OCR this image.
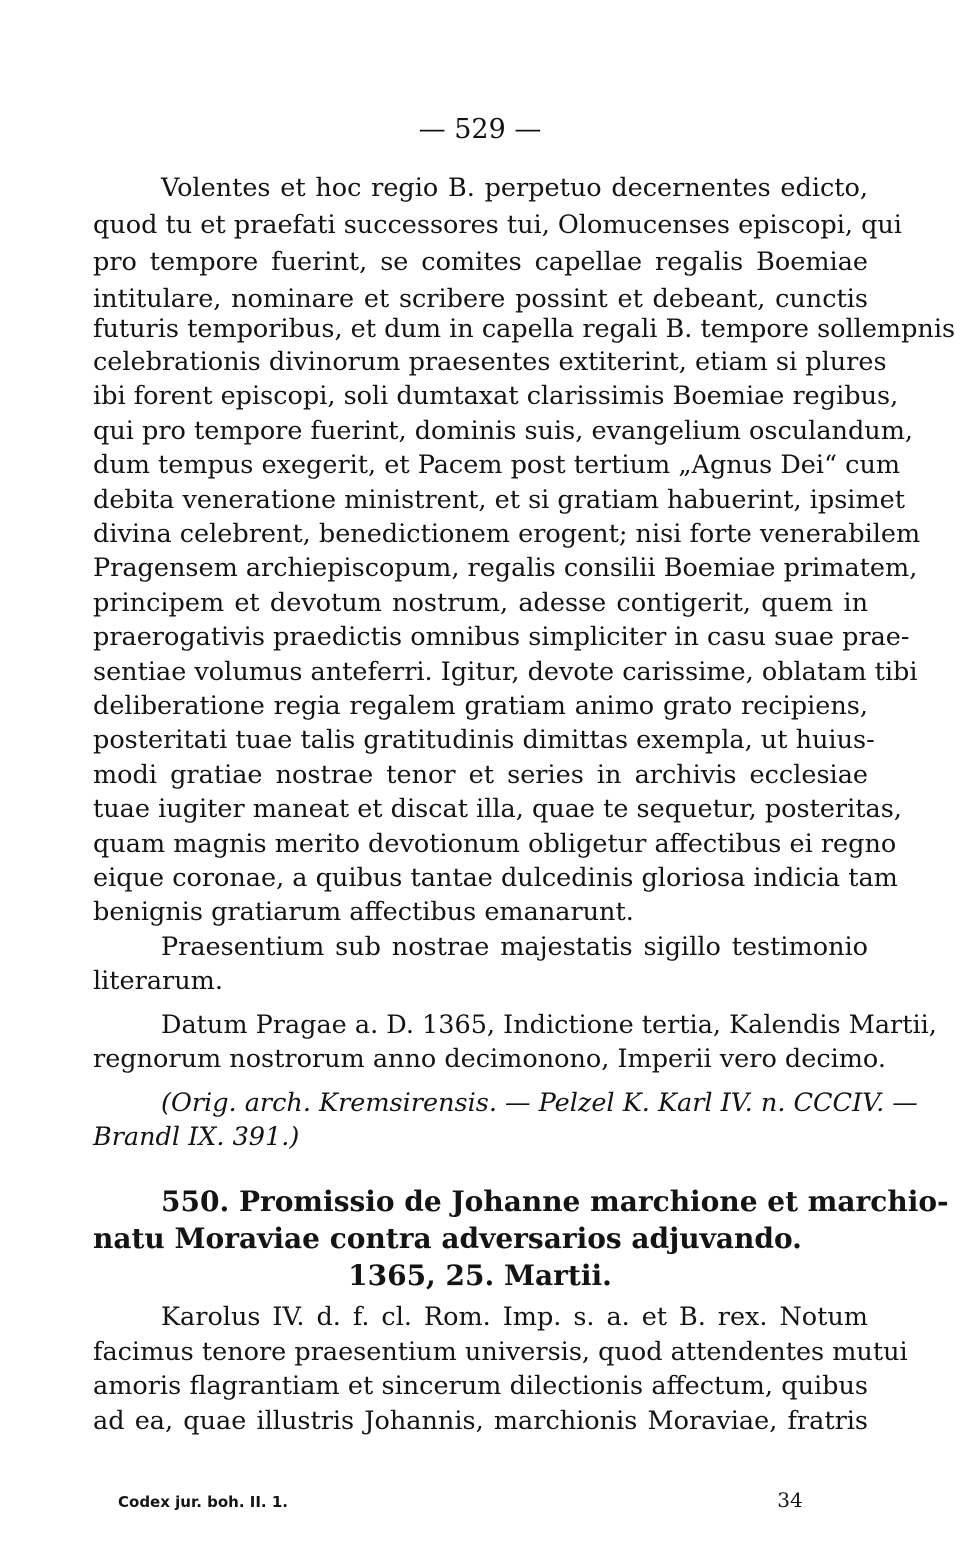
— 529 —
Volentes et hoc regio B. perpetuo decernentes edicto,
quod tu et praefati successores tui, Olomucenses episcopi, qui
pro tempore fuerint, se comites capellae regalis Boemiae
intitulare, nominare et scribere possint et debeant, cunctis
futuris temporibus, et dum in capella regali B. tempore sollempnis
celebrationis divinorum praesentes extiterint, etiam si plures
ibi forent episcopi, soli dumtaxat clarissimis Boemiae regibus,
qui pro tempore fuerint, dominis suis, evangelium osculandum,
dum tempus exegerit, et Pacem post tertium „Agnus Dei“ cum
debita veneratione ministrent, et si gratiam habuerint, ipsimet
divina celebrent, benedictionem erogent; nisi forte venerabilem
Pragensem archiepiscopum, regalis consilii Boemiae primatem,
principem et devotum nostrum, adesse contigerit, quem in
praerogativis praedictis omnibus simpliciter in casu suae prae-
sentiae volumus anteferri. Igitur, devote carissime, oblatam tibi
deliberatione regia regalem gratiam animo grato recipiens,
posteritati tuae talis gratitudinis dimittas exempla, ut huius-
modi gratiae nostrae tenor et series in archivis ecclesiae
tuae iugiter maneat et discat illa, quae te sequetur, posteritas,
quam magnis merito devotionum obligetur affectibus ei regno
eique coronae, a quibus tantae dulcedinis gloriosa indicia tam
benignis gratiarum affectibus emanarunt.
Praesentium sub nostrae majestatis sigillo testimonio
literarum.
Datum Pragae a. D. 1365, Indictione tertia, Kalendis Martii,
regnorum nostrorum anno decimonono, Imperii vero decimo.
(Orig. arch. Kremsirensis. — Pelzel K. Karl IV. n. CCCIV. —
Brandl IX. 391.)
550. Promissio de Johanne marchione et marchio-
natu Moraviae contra adversarios adjuvando.
1365, 25. Martii.
Karolus IV. d. f. cl. Rom. Imp. s. a. et B. rex. Notum
facimus tenore praesentium universis, quod attendentes mutui
amoris flagrantiam et sincerum dilectionis affectum, quibus
ad ea, quae illustris Johannis, marchionis Moraviae, fratris
Codex jur. boh. II. 1.	34
